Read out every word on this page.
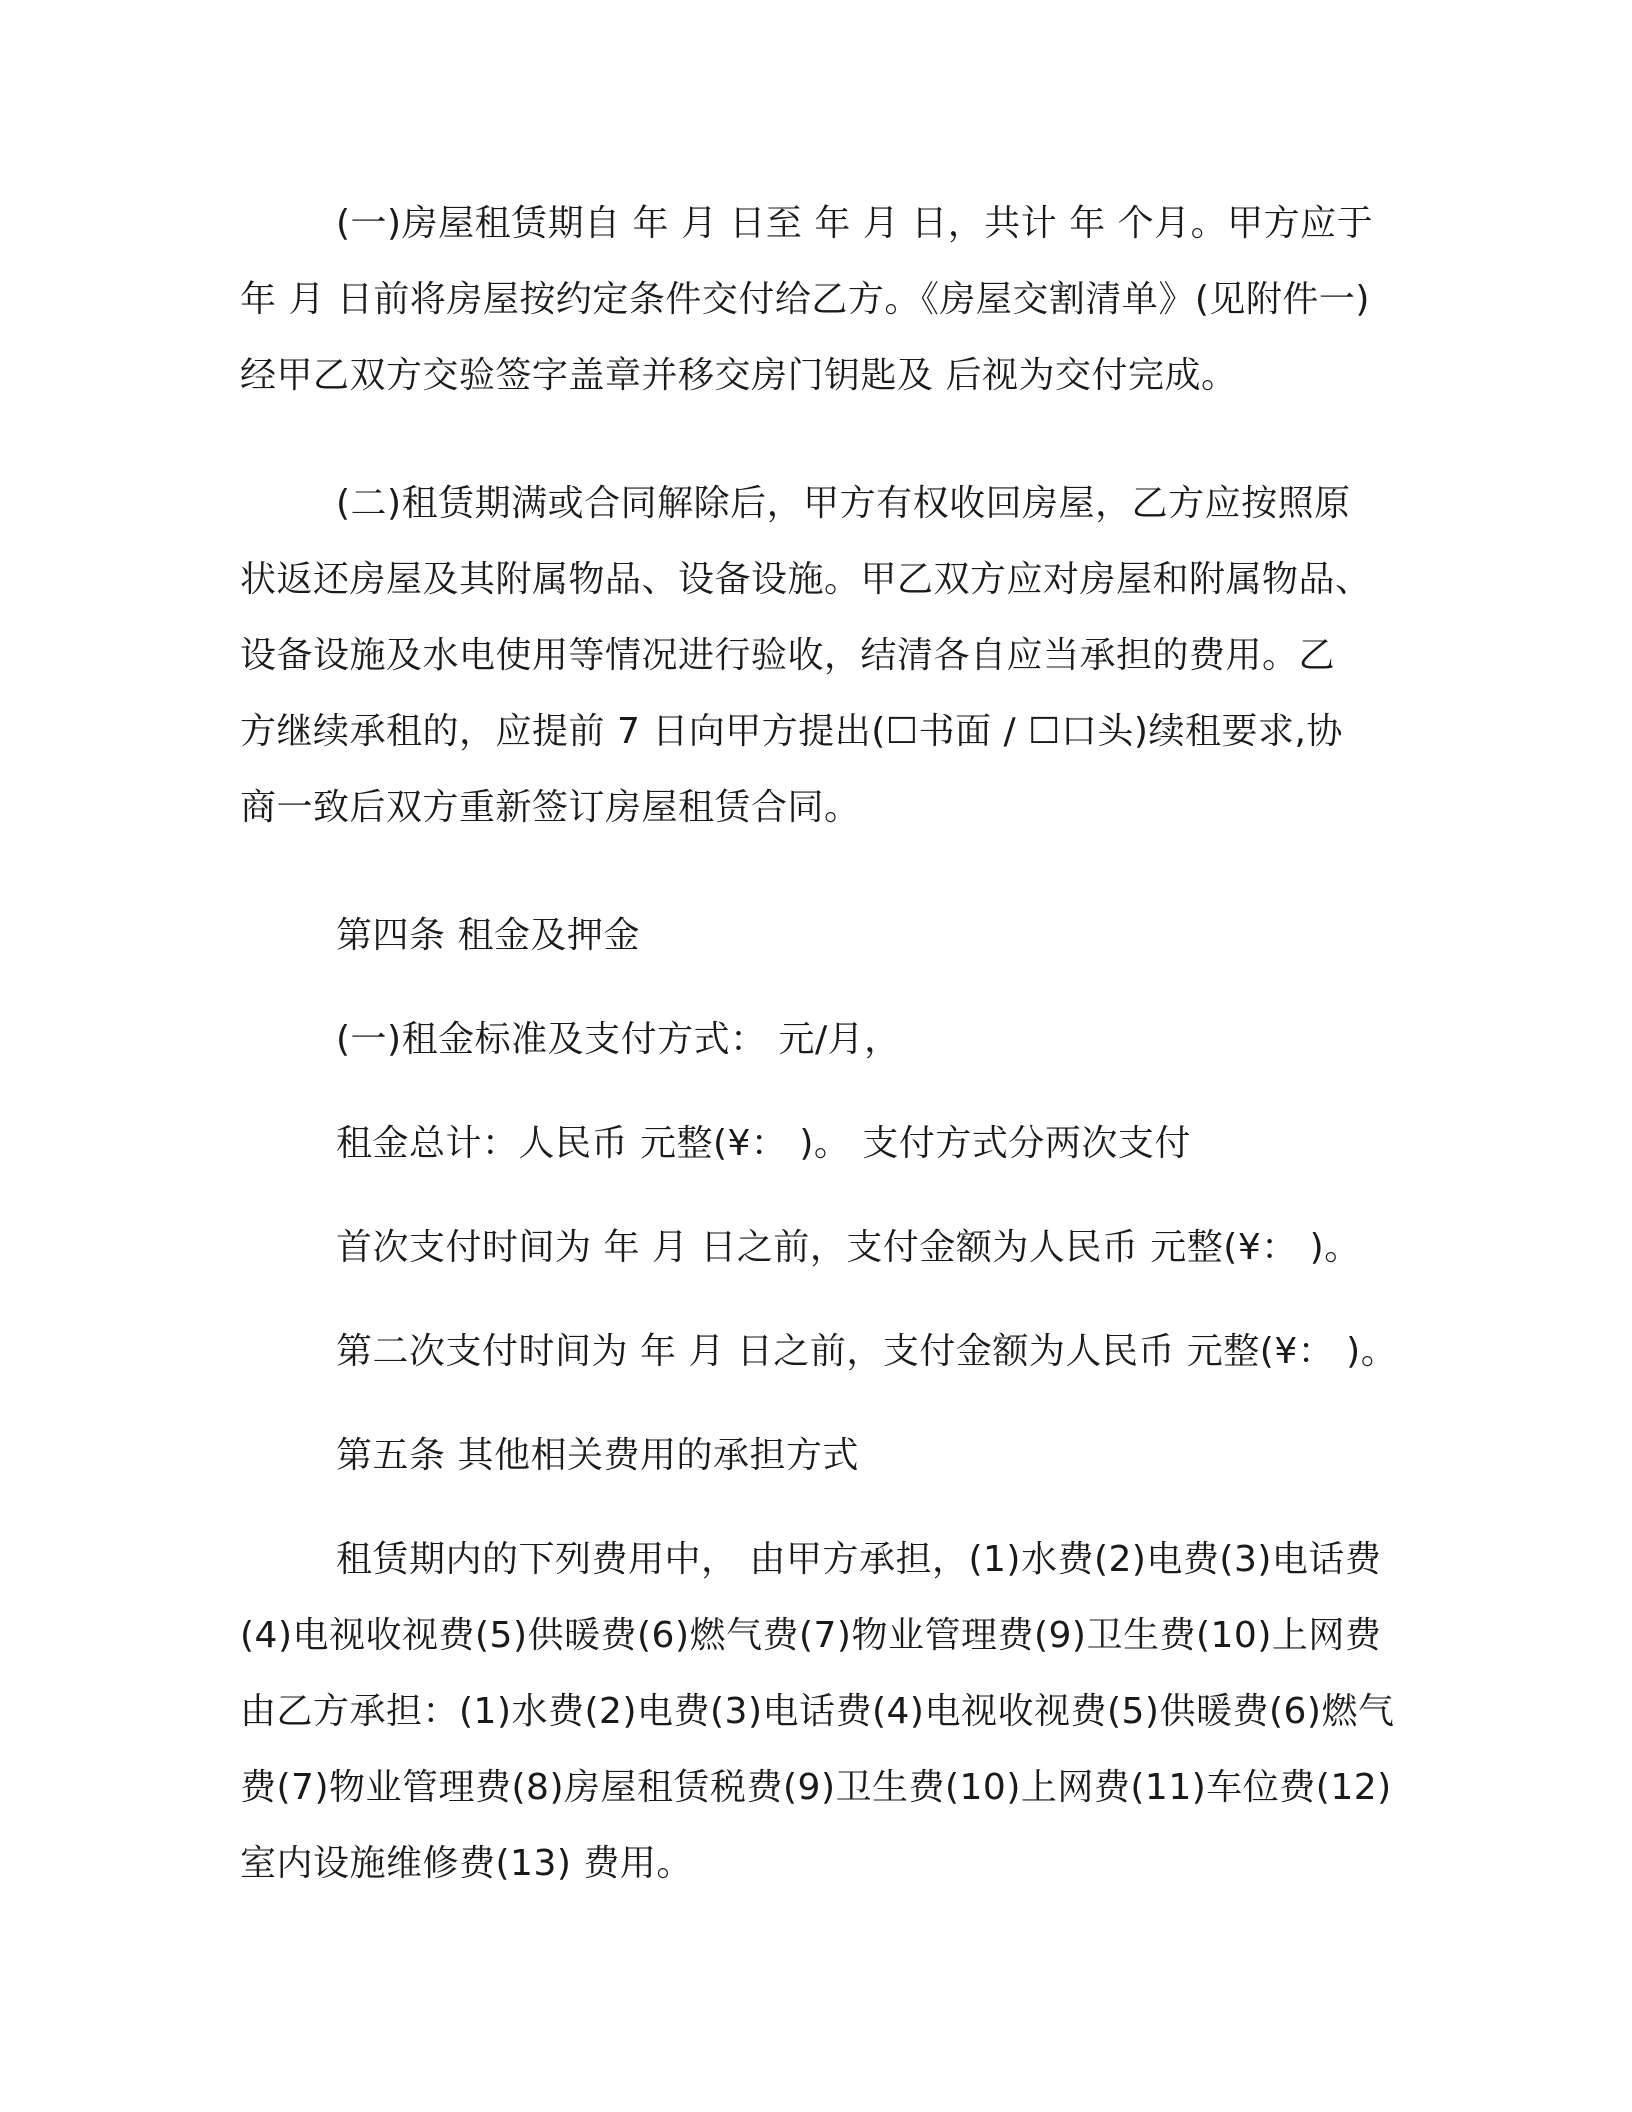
(一)房屋租赁期自 年 月 日至 年 月 日，共计 年 个月。甲方应于
年 月 日前将房屋按约定条件交付给乙方。《房屋交割清单》(见附件一)
经甲乙双方交验签字盖章并移交房门钥匙及 后视为交付完成。
(二)租赁期满或合同解除后，甲方有权收回房屋，乙方应按照原
状返还房屋及其附属物品、设备设施。甲乙双方应对房屋和附属物品、
设备设施及水电使用等情况进行验收，结清各自应当承担的费用。乙
方继续承租的，应提前 7 日向甲方提出(☐书面 / ☐口头)续租要求,协
商一致后双方重新签订房屋租赁合同。
第四条 租金及押金
(一)租金标准及支付方式： 元/月，
租金总计：人民币 元整(¥： )。 支付方式分两次支付
首次支付时间为 年 月 日之前，支付金额为人民币 元整(¥： )。
第二次支付时间为 年 月 日之前，支付金额为人民币 元整(¥： )。
第五条 其他相关费用的承担方式
租赁期内的下列费用中， 由甲方承担，(1)水费(2)电费(3)电话费
(4)电视收视费(5)供暖费(6)燃气费(7)物业管理费(9)卫生费(10)上网费
由乙方承担：(1)水费(2)电费(3)电话费(4)电视收视费(5)供暖费(6)燃气
费(7)物业管理费(8)房屋租赁税费(9)卫生费(10)上网费(11)车位费(12)
室内设施维修费(13) 费用。
